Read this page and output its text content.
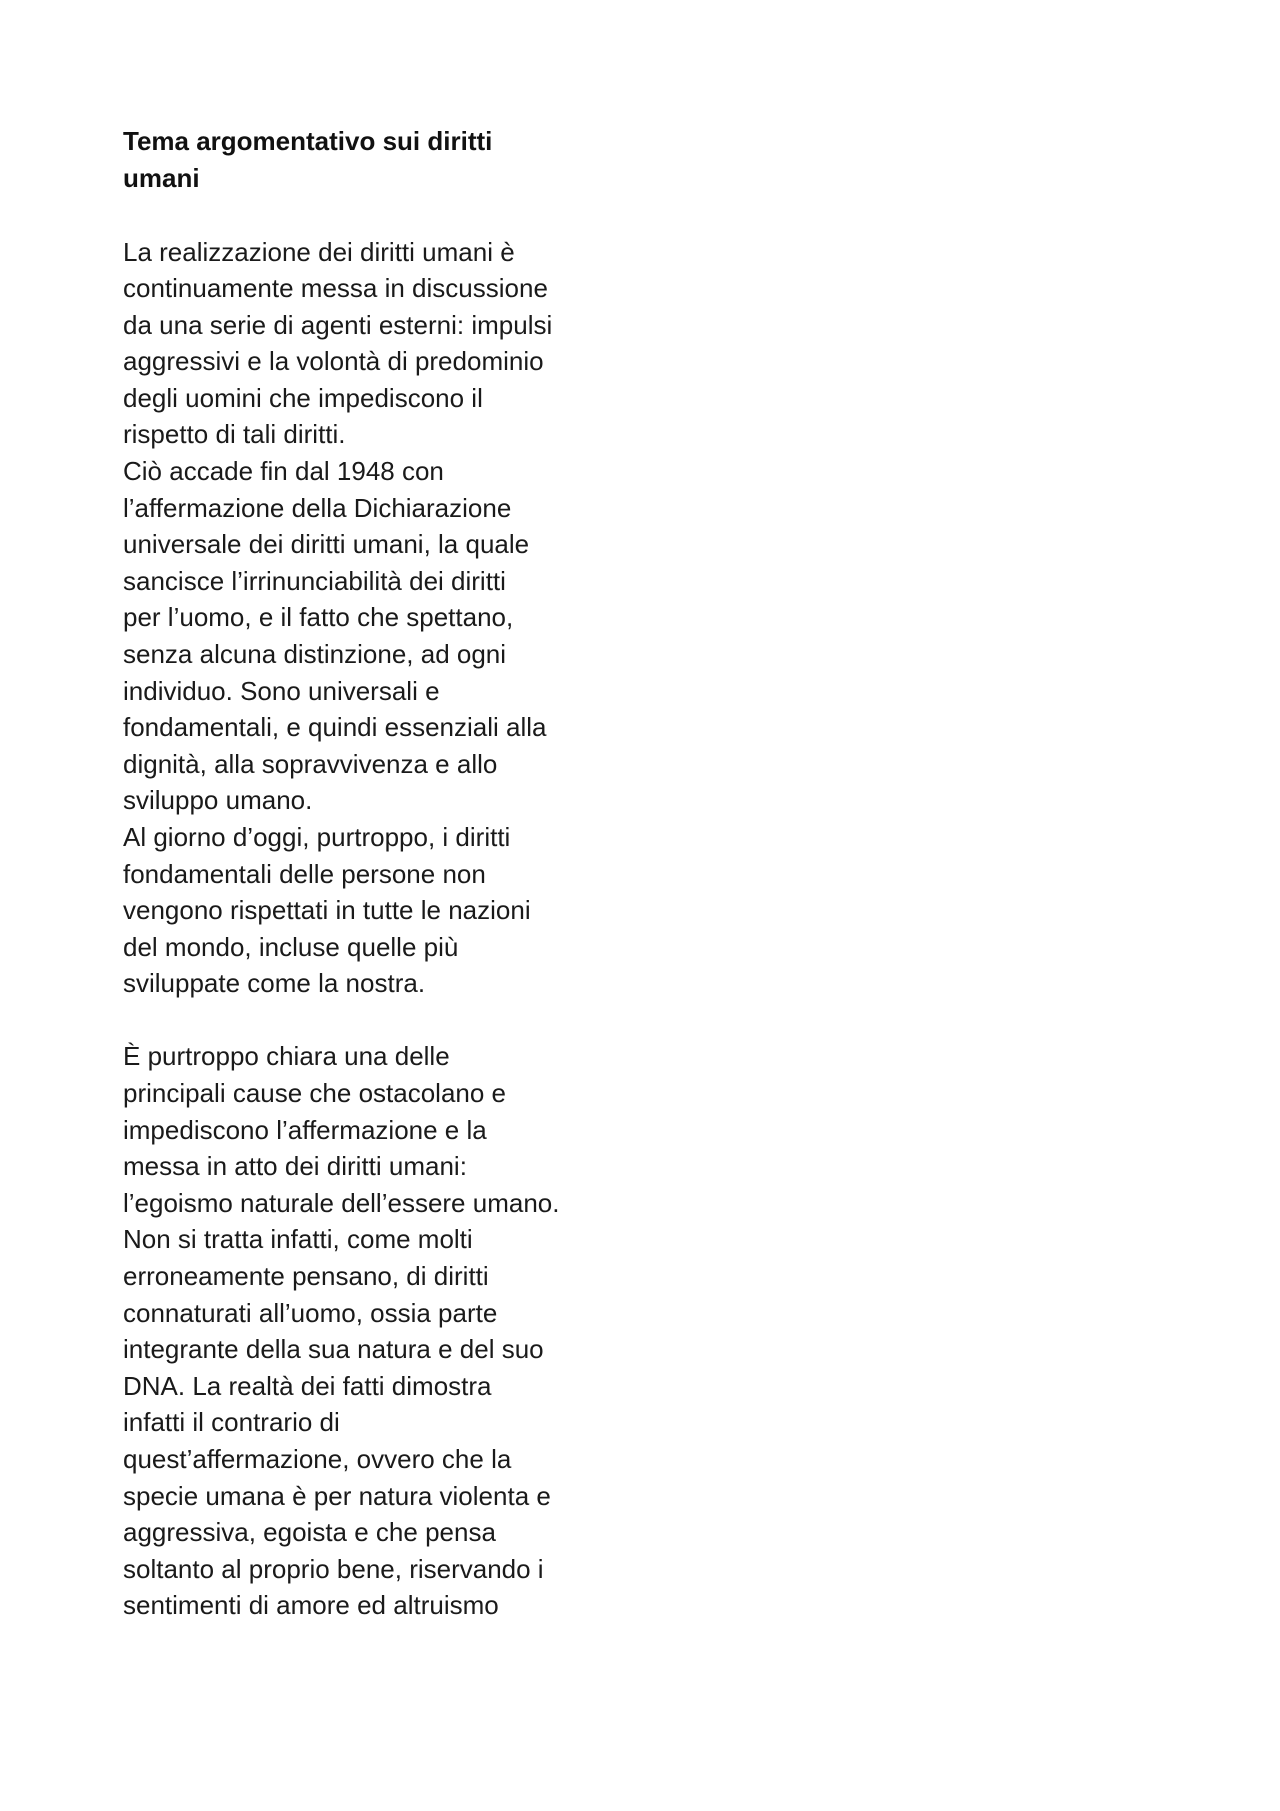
Tema argomentativo sui diritti
umani

La realizzazione dei diritti umani è
continuamente messa in discussione
da una serie di agenti esterni: impulsi
aggressivi e la volontà di predominio
degli uomini che impediscono il
rispetto di tali diritti.
Ciò accade fin dal 1948 con
l’affermazione della Dichiarazione
universale dei diritti umani, la quale
sancisce l’irrinunciabilità dei diritti
per l’uomo, e il fatto che spettano,
senza alcuna distinzione, ad ogni
individuo. Sono universali e
fondamentali, e quindi essenziali alla
dignità, alla sopravvivenza e allo
sviluppo umano.
Al giorno d’oggi, purtroppo, i diritti
fondamentali delle persone non
vengono rispettati in tutte le nazioni
del mondo, incluse quelle più
sviluppate come la nostra.

È purtroppo chiara una delle
principali cause che ostacolano e
impediscono l’affermazione e la
messa in atto dei diritti umani:
l’egoismo naturale dell’essere umano.
Non si tratta infatti, come molti
erroneamente pensano, di diritti
connaturati all’uomo, ossia parte
integrante della sua natura e del suo
DNA. La realtà dei fatti dimostra
infatti il contrario di
quest’affermazione, ovvero che la
specie umana è per natura violenta e
aggressiva, egoista e che pensa
soltanto al proprio bene, riservando i
sentimenti di amore ed altruismo
